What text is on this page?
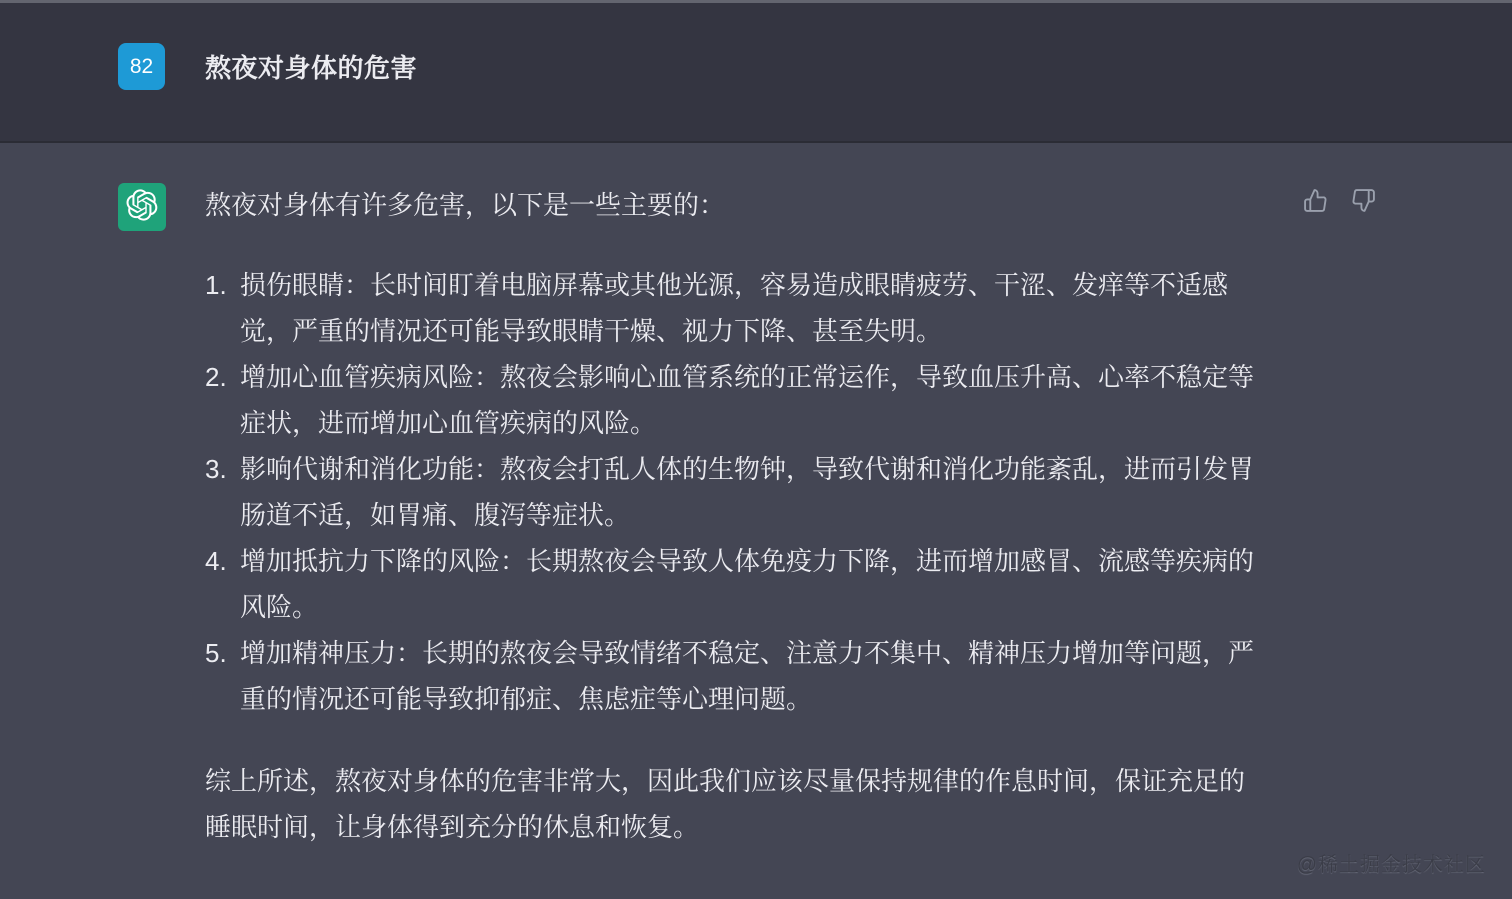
82	熬夜对身体的危害

熬夜对身体有许多危害，以下是一些主要的：

1. 损伤眼睛：长时间盯着电脑屏幕或其他光源，容易造成眼睛疲劳、干涩、发痒等不适感觉，严重的情况还可能导致眼睛干燥、视力下降、甚至失明。
2. 增加心血管疾病风险：熬夜会影响心血管系统的正常运作，导致血压升高、心率不稳定等症状，进而增加心血管疾病的风险。
3. 影响代谢和消化功能：熬夜会打乱人体的生物钟，导致代谢和消化功能紊乱，进而引发胃肠道不适，如胃痛、腹泻等症状。
4. 增加抵抗力下降的风险：长期熬夜会导致人体免疫力下降，进而增加感冒、流感等疾病的风险。
5. 增加精神压力：长期的熬夜会导致情绪不稳定、注意力不集中、精神压力增加等问题，严重的情况还可能导致抑郁症、焦虑症等心理问题。

综上所述，熬夜对身体的危害非常大，因此我们应该尽量保持规律的作息时间，保证充足的睡眠时间，让身体得到充分的休息和恢复。

@稀土掘金技术社区
